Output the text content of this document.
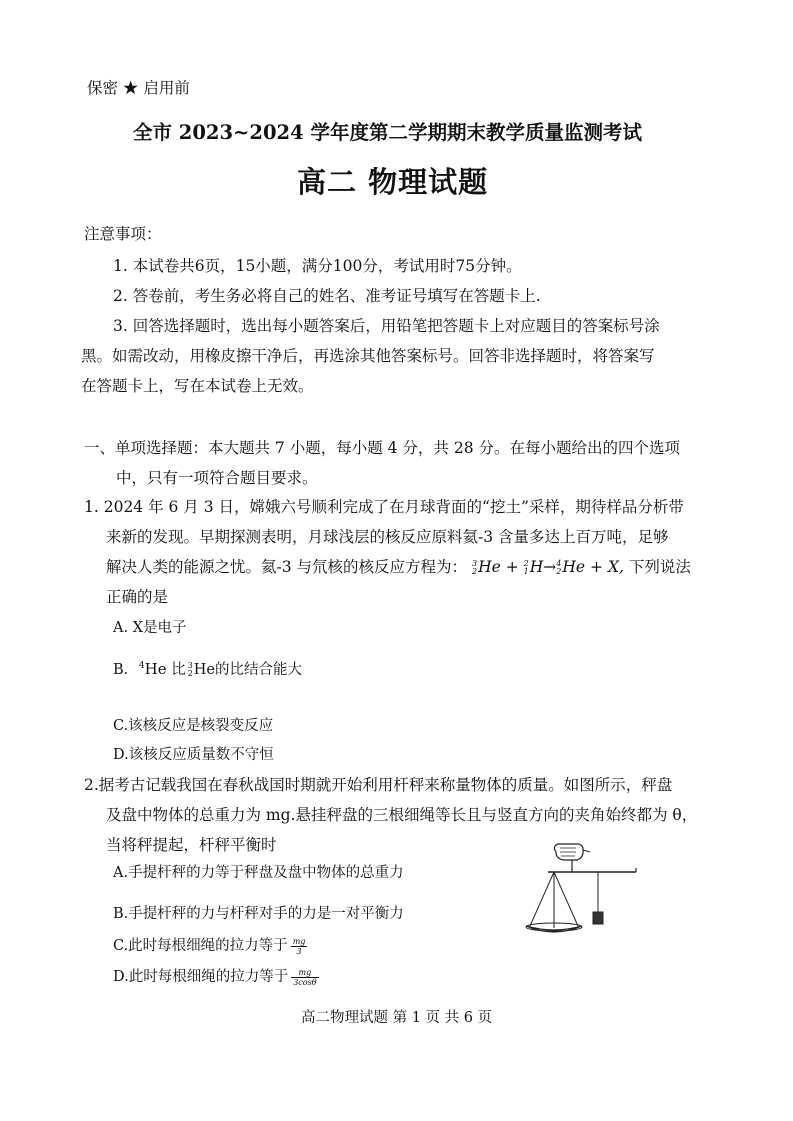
保密 ★ 启用前
全市 2023~2024 学年度第二学期期末教学质量监测考试
高二 物理试题
注意事项：
1. 本试卷共6页，15小题，满分100分，考试用时75分钟。
2. 答卷前，考生务必将自己的姓名、准考证号填写在答题卡上.
3. 回答选择题时，选出每小题答案后，用铅笔把答题卡上对应题目的答案标号涂
黑。如需改动，用橡皮擦干净后，再选涂其他答案标号。回答非选择题时，将答案写
在答题卡上，写在本试卷上无效。
一、单项选择题：本大题共 7 小题，每小题 4 分，共 28 分。在每小题给出的四个选项
中，只有一项符合题目要求。
1. 2024 年 6 月 3 日，嫦娥六号顺利完成了在月球背面的“挖土”采样，期待样品分析带
来新的发现。早期探测表明，月球浅层的核反应原料氦-3 含量多达上百万吨，足够
解决人类的能源之忧。氦-3 与氘核的核反应方程为： 3
2He + 2
1H→4
2He + X, 下列说法
正确的是
A. X是电子
B. $^4$He 比 3
2He的比结合能大
C.该核反应是核裂变反应
D.该核反应质量数不守恒
2.据考古记载我国在春秋战国时期就开始利用杆秤来称量物体的质量。如图所示，秤盘
及盘中物体的总重力为 mg.悬挂秤盘的三根细绳等长且与竖直方向的夹角始终都为 θ，
当将秤提起，杆秤平衡时
A.手提杆秤的力等于秤盘及盘中物体的总重力
B.手提杆秤的力与杆秤对手的力是一对平衡力
C.此时每根细绳的拉力等于 $\frac{mg}{3}$
D.此时每根细绳的拉力等于 $\frac{mg}{3\cos\theta}$
高二物理试题 第 1 页 共 6 页
